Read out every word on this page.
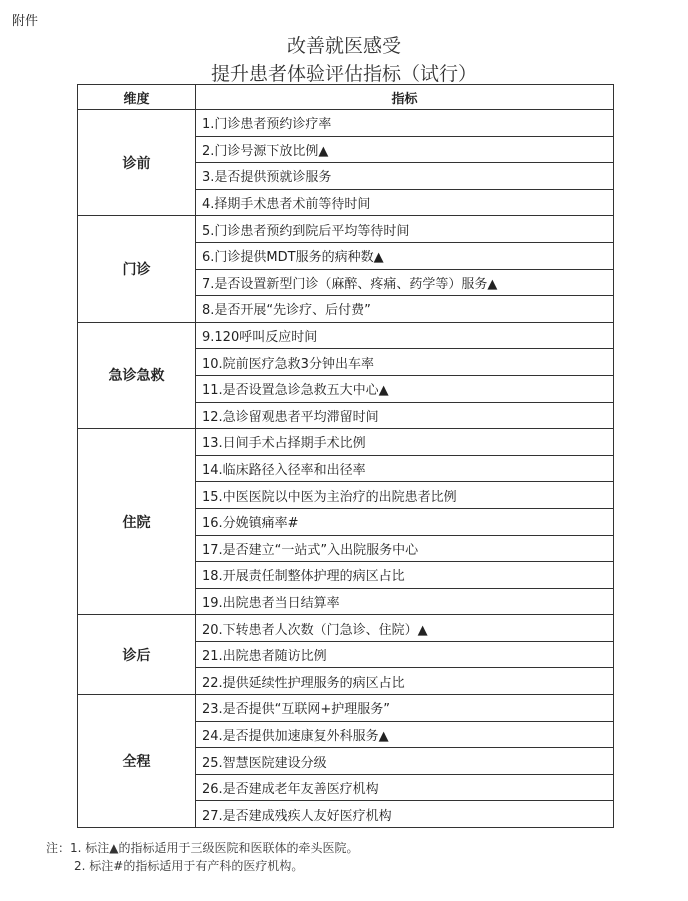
附件
改善就医感受
提升患者体验评估指标（试行）
维度	指标
诊前	1.门诊患者预约诊疗率
	2.门诊号源下放比例▲
	3.是否提供预就诊服务
	4.择期手术患者术前等待时间
门诊	5.门诊患者预约到院后平均等待时间
	6.门诊提供MDT服务的病种数▲
	7.是否设置新型门诊（麻醉、疼痛、药学等）服务▲
	8.是否开展“先诊疗、后付费”
急诊急救	9.120呼叫反应时间
	10.院前医疗急救3分钟出车率
	11.是否设置急诊急救五大中心▲
	12.急诊留观患者平均滞留时间
住院	13.日间手术占择期手术比例
	14.临床路径入径率和出径率
	15.中医医院以中医为主治疗的出院患者比例
	16.分娩镇痛率#
	17.是否建立“一站式”入出院服务中心
	18.开展责任制整体护理的病区占比
	19.出院患者当日结算率
诊后	20.下转患者人次数（门急诊、住院）▲
	21.出院患者随访比例
	22.提供延续性护理服务的病区占比
全程	23.是否提供“互联网+护理服务”
	24.是否提供加速康复外科服务▲
	25.智慧医院建设分级
	26.是否建成老年友善医疗机构
	27.是否建成残疾人友好医疗机构
注：1. 标注▲的指标适用于三级医院和医联体的牵头医院。
2. 标注#的指标适用于有产科的医疗机构。
